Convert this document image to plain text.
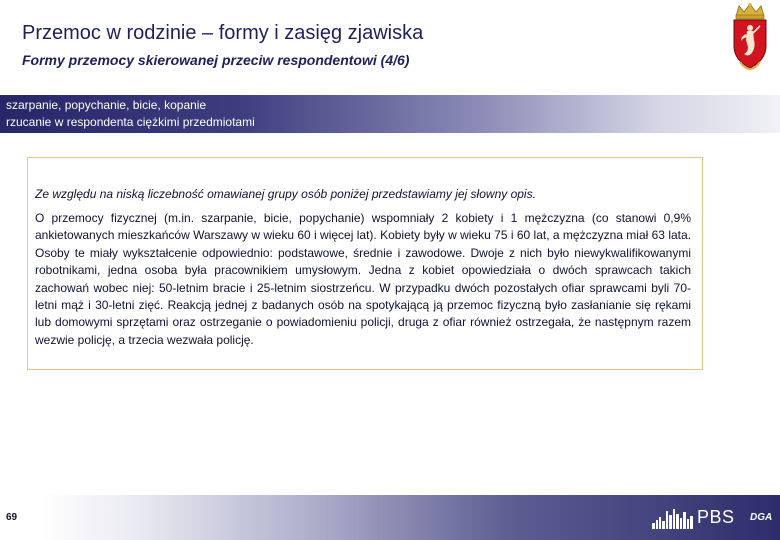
Przemoc w rodzinie – formy i zasięg zjawiska
Formy przemocy skierowanej przeciw respondentowi (4/6)
szarpanie, popychanie, bicie, kopanie
rzucanie w respondenta ciężkimi przedmiotami

Ze względu na niską liczebność omawianej grupy osób poniżej przedstawiamy jej słowny opis.

O przemocy fizycznej (m.in. szarpanie, bicie, popychanie) wspomniały 2 kobiety i 1 mężczyzna (co stanowi 0,9% ankietowanych mieszkańców Warszawy w wieku 60 i więcej lat). Kobiety były w wieku 75 i 60 lat, a mężczyzna miał 63 lata. Osoby te miały wykształcenie odpowiednio: podstawowe, średnie i zawodowe. Dwoje z nich było niewykwalifikowanymi robotnikami, jedna osoba była pracownikiem umysłowym. Jedna z kobiet opowiedziała o dwóch sprawcach takich zachowań wobec niej: 50-letnim bracie i 25-letnim siostrzeńcu. W przypadku dwóch pozostałych ofiar sprawcami byli 70-letni mąż i 30-letni zięć. Reakcją jednej z badanych osób na spotykającą ją przemoc fizyczną było zasłanianie się rękami lub domowymi sprzętami oraz ostrzeganie o powiadomieniu policji, druga z ofiar również ostrzegała, że następnym razem wezwie policję, a trzecia wezwała policję.

69	PBS DGA
